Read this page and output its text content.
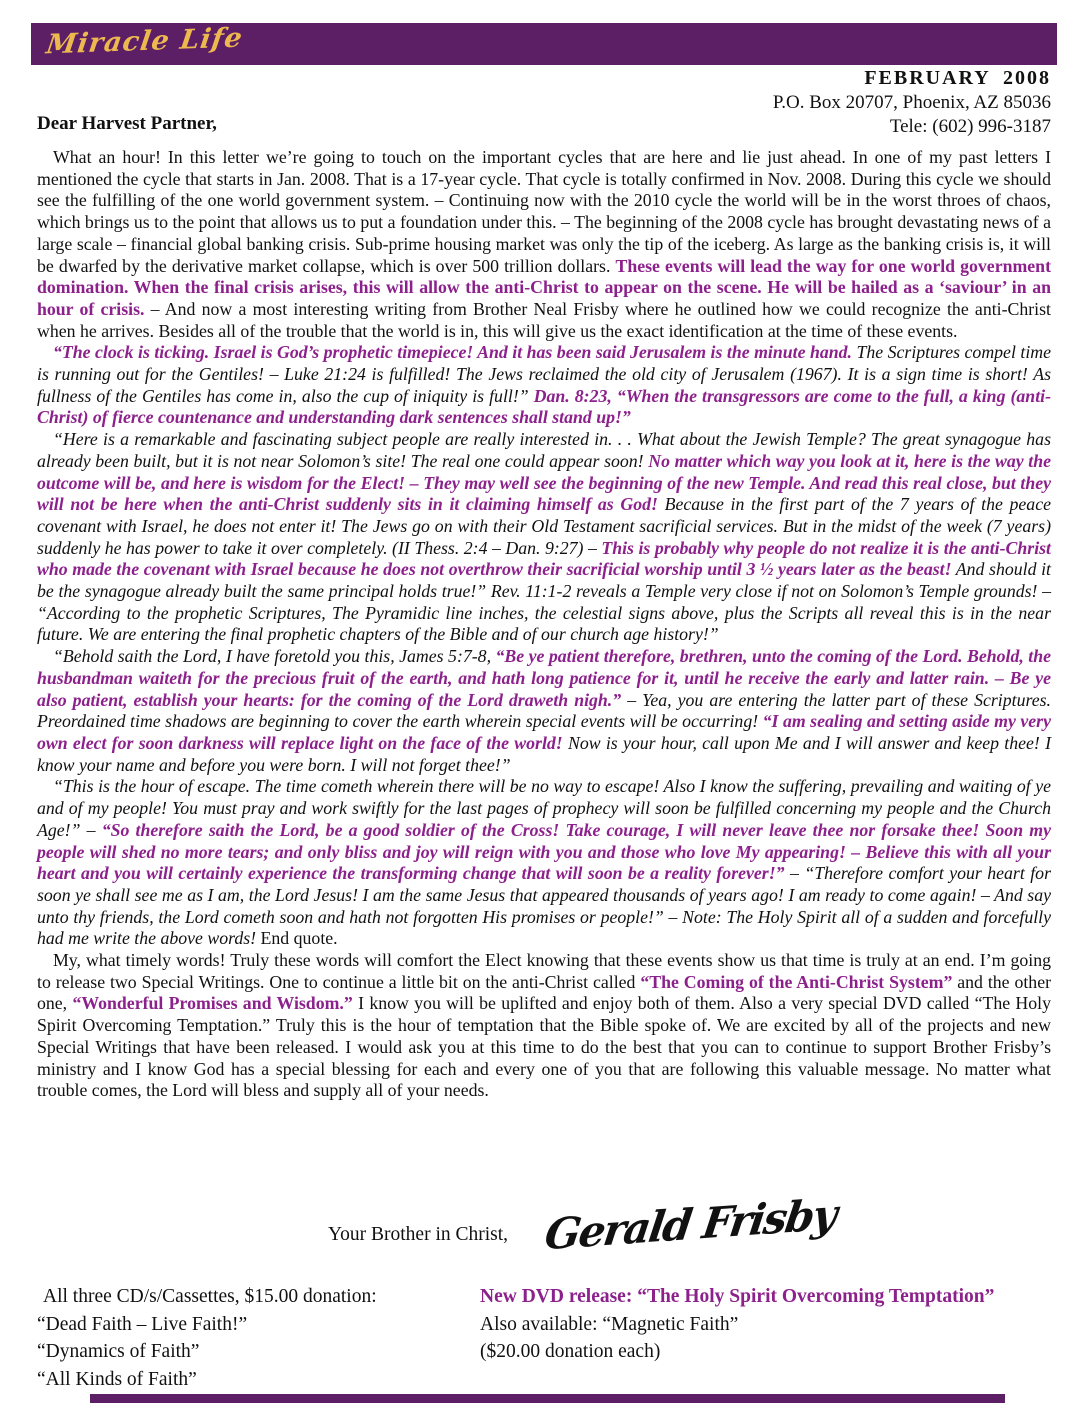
Miracle Life
FEBRUARY 2008
P.O. Box 20707, Phoenix, AZ 85036
Tele: (602) 996-3187
Dear Harvest Partner,

What an hour! In this letter we’re going to touch on the important cycles that are here and lie just ahead. In one of my past letters I mentioned the cycle that starts in Jan. 2008. That is a 17-year cycle. That cycle is totally confirmed in Nov. 2008. During this cycle we should see the fulfilling of the one world government system. – Continuing now with the 2010 cycle the world will be in the worst throes of chaos, which brings us to the point that allows us to put a foundation under this. – The beginning of the 2008 cycle has brought devastating news of a large scale – financial global banking crisis. Sub-prime housing market was only the tip of the iceberg. As large as the banking crisis is, it will be dwarfed by the derivative market collapse, which is over 500 trillion dollars. These events will lead the way for one world government domination. When the final crisis arises, this will allow the anti-Christ to appear on the scene. He will be hailed as a ‘saviour’ in an hour of crisis. – And now a most interesting writing from Brother Neal Frisby where he outlined how we could recognize the anti-Christ when he arrives. Besides all of the trouble that the world is in, this will give us the exact identification at the time of these events.

“The clock is ticking. Israel is God’s prophetic timepiece! And it has been said Jerusalem is the minute hand. The Scriptures compel time is running out for the Gentiles! – Luke 21:24 is fulfilled! The Jews reclaimed the old city of Jerusalem (1967). It is a sign time is short! As fullness of the Gentiles has come in, also the cup of iniquity is full!” Dan. 8:23, “When the transgressors are come to the full, a king (anti-Christ) of fierce countenance and understanding dark sentences shall stand up!”

“Here is a remarkable and fascinating subject people are really interested in. . . What about the Jewish Temple? The great synagogue has already been built, but it is not near Solomon’s site! The real one could appear soon! No matter which way you look at it, here is the way the outcome will be, and here is wisdom for the Elect! – They may well see the beginning of the new Temple. And read this real close, but they will not be here when the anti-Christ suddenly sits in it claiming himself as God! Because in the first part of the 7 years of the peace covenant with Israel, he does not enter it! The Jews go on with their Old Testament sacrificial services. But in the midst of the week (7 years) suddenly he has power to take it over completely. (II Thess. 2:4 – Dan. 9:27) – This is probably why people do not realize it is the anti-Christ who made the covenant with Israel because he does not overthrow their sacrificial worship until 3 ½ years later as the beast! And should it be the synagogue already built the same principal holds true!” Rev. 11:1-2 reveals a Temple very close if not on Solomon’s Temple grounds! – “According to the prophetic Scriptures, The Pyramidic line inches, the celestial signs above, plus the Scripts all reveal this is in the near future. We are entering the final prophetic chapters of the Bible and of our church age history!”

“Behold saith the Lord, I have foretold you this, James 5:7-8, “Be ye patient therefore, brethren, unto the coming of the Lord. Behold, the husbandman waiteth for the precious fruit of the earth, and hath long patience for it, until he receive the early and latter rain. – Be ye also patient, establish your hearts: for the coming of the Lord draweth nigh.” – Yea, you are entering the latter part of these Scriptures. Preordained time shadows are beginning to cover the earth wherein special events will be occurring! “I am sealing and setting aside my very own elect for soon darkness will replace light on the face of the world! Now is your hour, call upon Me and I will answer and keep thee! I know your name and before you were born. I will not forget thee!”

“This is the hour of escape. The time cometh wherein there will be no way to escape! Also I know the suffering, prevailing and waiting of ye and of my people! You must pray and work swiftly for the last pages of prophecy will soon be fulfilled concerning my people and the Church Age!” – “So therefore saith the Lord, be a good soldier of the Cross! Take courage, I will never leave thee nor forsake thee! Soon my people will shed no more tears; and only bliss and joy will reign with you and those who love My appearing! – Believe this with all your heart and you will certainly experience the transforming change that will soon be a reality forever!” – “Therefore comfort your heart for soon ye shall see me as I am, the Lord Jesus! I am the same Jesus that appeared thousands of years ago! I am ready to come again! – And say unto thy friends, the Lord cometh soon and hath not forgotten His promises or people!” – Note: The Holy Spirit all of a sudden and forcefully had me write the above words! End quote.

My, what timely words! Truly these words will comfort the Elect knowing that these events show us that time is truly at an end. I’m going to release two Special Writings. One to continue a little bit on the anti-Christ called “The Coming of the Anti-Christ System” and the other one, “Wonderful Promises and Wisdom.” I know you will be uplifted and enjoy both of them. Also a very special DVD called “The Holy Spirit Overcoming Temptation.” Truly this is the hour of temptation that the Bible spoke of. We are excited by all of the projects and new Special Writings that have been released. I would ask you at this time to do the best that you can to continue to support Brother Frisby’s ministry and I know God has a special blessing for each and every one of you that are following this valuable message. No matter what trouble comes, the Lord will bless and supply all of your needs.

Your Brother in Christ, Gerald Frisby
All three CD/s/Cassettes, $15.00 donation:
“Dead Faith – Live Faith!”
“Dynamics of Faith”
“All Kinds of Faith”
New DVD release: “The Holy Spirit Overcoming Temptation”
Also available: “Magnetic Faith”
($20.00 donation each)
